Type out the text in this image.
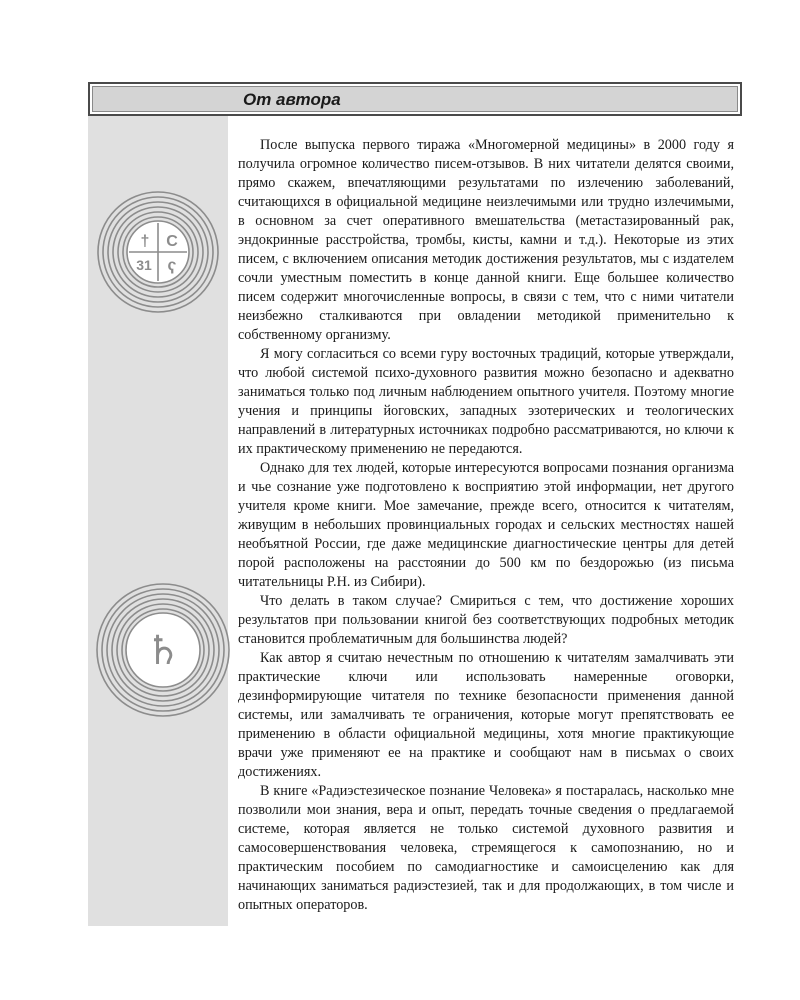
От автора
† C
31 ҁ
♄

После выпуска первого тиража «Многомерной медицины» в 2000 году я получила огромное количество писем-отзывов. В них читатели делятся своими, прямо скажем, впечатляющими результатами по излечению заболеваний, считающихся в официальной медицине неизлечимыми или трудно излечимыми, в основном за счет оперативного вмешательства (метастазированный рак, эндокринные расстройства, тромбы, кисты, камни и т.д.). Некоторые из этих писем, с включением описания методик достижения результатов, мы с издателем сочли уместным поместить в конце данной книги. Еще большее количество писем содержит многочисленные вопросы, в связи с тем, что с ними читатели неизбежно сталкиваются при овладении методикой применительно к собственному организму.

Я могу согласиться со всеми гуру восточных традиций, которые утверждали, что любой системой психо-духовного развития можно безопасно и адекватно заниматься только под личным наблюдением опытного учителя. Поэтому многие учения и принципы йоговских, западных эзотерических и теологических направлений в литературных источниках подробно рассматриваются, но ключи к их практическому применению не передаются.

Однако для тех людей, которые интересуются вопросами познания организма и чье сознание уже подготовлено к восприятию этой информации, нет другого учителя кроме книги. Мое замечание, прежде всего, относится к читателям, живущим в небольших провинциальных городах и сельских местностях нашей необъятной России, где даже медицинские диагностические центры для детей порой расположены на расстоянии до 500 км по бездорожью (из письма читательницы Р.Н. из Сибири).

Что делать в таком случае? Смириться с тем, что достижение хороших результатов при пользовании книгой без соответствующих подробных методик становится проблематичным для большинства людей?

Как автор я считаю нечестным по отношению к читателям замалчивать эти практические ключи или использовать намеренные оговорки, дезинформирующие читателя по технике безопасности применения данной системы, или замалчивать те ограничения, которые могут препятствовать ее применению в области официальной медицины, хотя многие практикующие врачи уже применяют ее на практике и сообщают нам в письмах о своих достижениях.

В книге «Радиэстезическое познание Человека» я постаралась, насколько мне позволили мои знания, вера и опыт, передать точные сведения о предлагаемой системе, которая является не только системой духовного развития и самосовершенствования человека, стремящегося к самопознанию, но и практическим пособием по самодиагностике и самоисцелению как для начинающих заниматься радиэстезией, так и для продолжающих, в том числе и опытных операторов.
